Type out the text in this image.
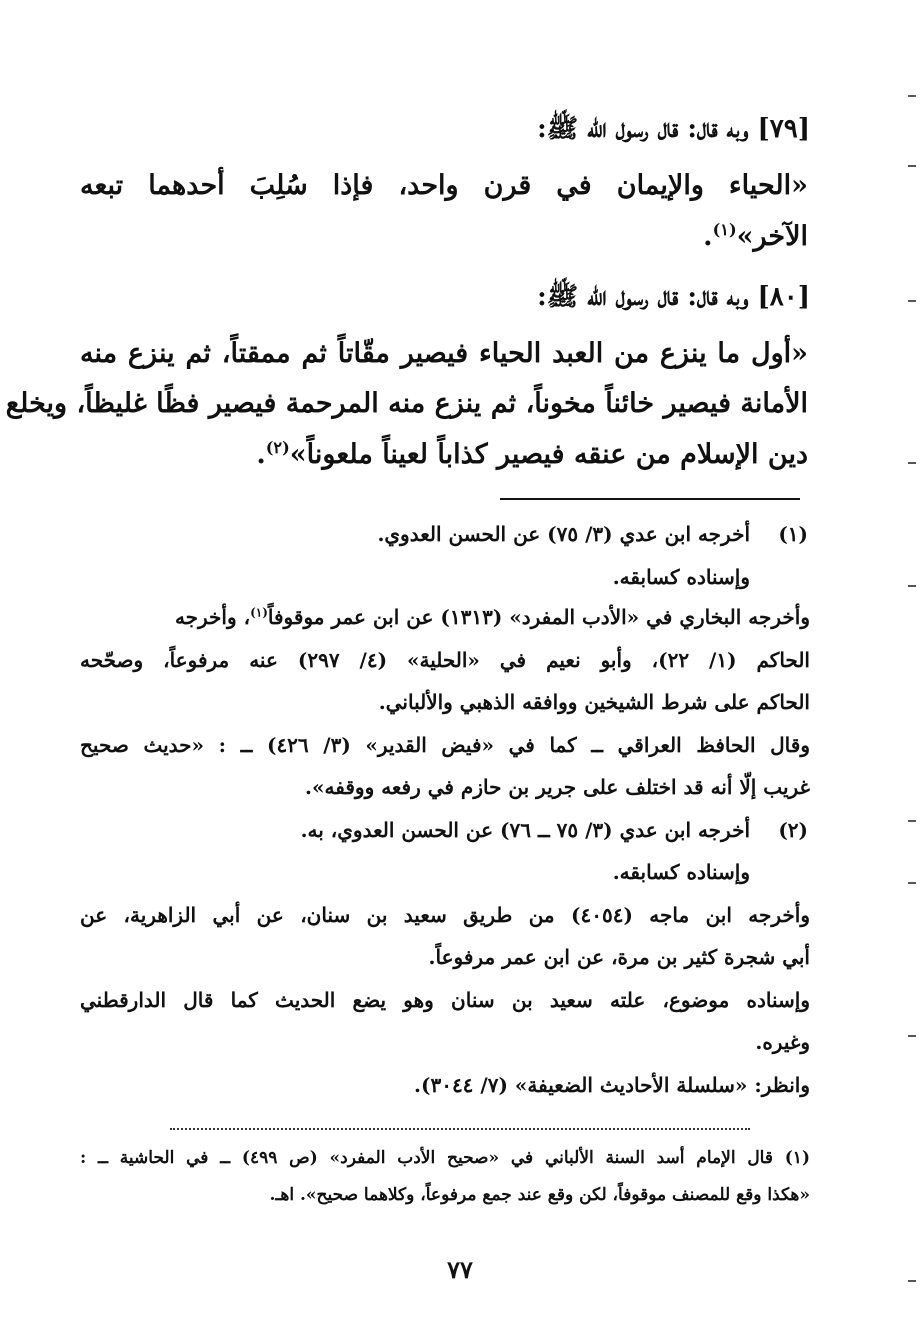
[٧٩] وبه قال: قال رسول الله ﷺ:
«الحياء والإيمان في قرن واحد، فإذا سُلِبَ أحدهما تبعه
الآخر»$^{(١)}$.
[٨٠] وبه قال: قال رسول الله ﷺ:
«أول ما ينزع من العبد الحياء فيصير مقّاتاً ثم ممقتاً، ثم ينزع منه
الأمانة فيصير خائناً مخوناً، ثم ينزع منه المرحمة فيصير فظًا غليظاً، ويخلع
دين الإسلام من عنقه فيصير كذاباً لعيناً ملعوناً»$^{(٢)}$.
(١)
أخرجه ابن عدي (٣/ ٧٥) عن الحسن العدوي.
وإسناده كسابقه.
وأخرجه البخاري في «الأدب المفرد» (١٣١٣) عن ابن عمر موقوفاً$^{(١)}$، وأخرجه
الحاكم (١/ ٢٢)، وأبو نعيم في «الحلية» (٤/ ٢٩٧) عنه مرفوعاً، وصحّحه
الحاكم على شرط الشيخين ووافقه الذهبي والألباني.
وقال الحافظ العراقي ــ كما في «فيض القدير» (٣/ ٤٢٦) ــ : «حديث صحيح
غريب إلّا أنه قد اختلف على جرير بن حازم في رفعه ووقفه».
(٢)
أخرجه ابن عدي (٣/ ٧٥ ــ ٧٦) عن الحسن العدوي، به.
وإسناده كسابقه.
وأخرجه ابن ماجه (٤٠٥٤) من طريق سعيد بن سنان، عن أبي الزاهرية، عن
أبي شجرة كثير بن مرة، عن ابن عمر مرفوعاً.
وإسناده موضوع، علته سعيد بن سنان وهو يضع الحديث كما قال الدارقطني
وغيره.
وانظر: «سلسلة الأحاديث الضعيفة» (٧/ ٣٠٤٤).
(١) قال الإمام أسد السنة الألباني في «صحيح الأدب المفرد» (ص ٤٩٩) ــ في الحاشية ــ :
«هكذا وقع للمصنف موقوفاً، لكن وقع عند جمع مرفوعاً، وكلاهما صحيح». اهـ.
٧٧
